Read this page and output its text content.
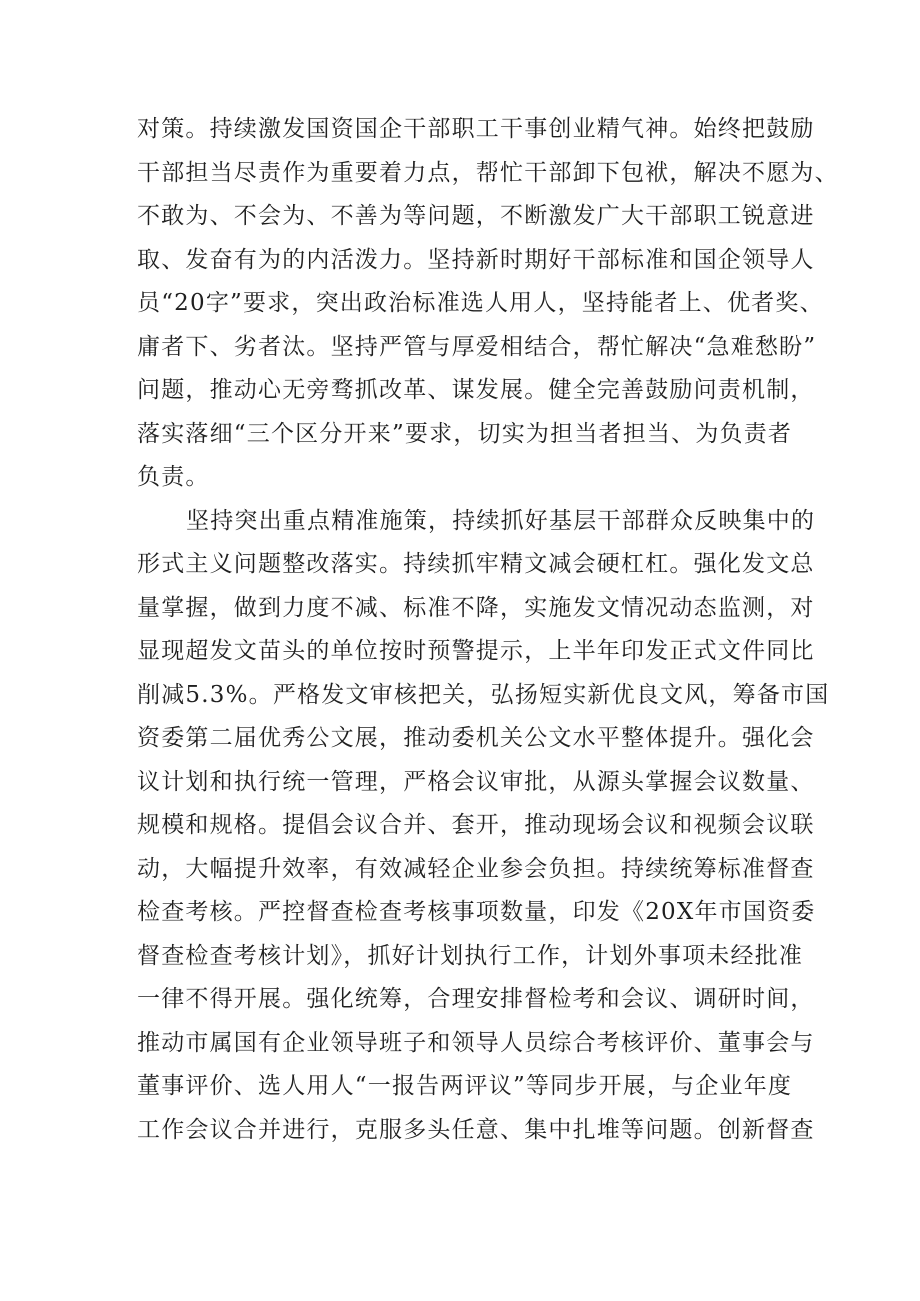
对策。持续激发国资国企干部职工干事创业精气神。始终把鼓励
干部担当尽责作为重要着力点，帮忙干部卸下包袱，解决不愿为、
不敢为、不会为、不善为等问题，不断激发广大干部职工锐意进
取、发奋有为的内活泼力。坚持新时期好干部标准和国企领导人
员“20字”要求，突出政治标准选人用人，坚持能者上、优者奖、
庸者下、劣者汰。坚持严管与厚爱相结合，帮忙解决“急难愁盼”
问题，推动心无旁骛抓改革、谋发展。健全完善鼓励问责机制，
落实落细“三个区分开来”要求，切实为担当者担当、为负责者
负责。
坚持突出重点精准施策，持续抓好基层干部群众反映集中的
形式主义问题整改落实。持续抓牢精文减会硬杠杠。强化发文总
量掌握，做到力度不减、标准不降，实施发文情况动态监测，对
显现超发文苗头的单位按时预警提示，上半年印发正式文件同比
削减5.3%。严格发文审核把关，弘扬短实新优良文风，筹备市国
资委第二届优秀公文展，推动委机关公文水平整体提升。强化会
议计划和执行统一管理，严格会议审批，从源头掌握会议数量、
规模和规格。提倡会议合并、套开，推动现场会议和视频会议联
动，大幅提升效率，有效减轻企业参会负担。持续统筹标准督查
检查考核。严控督查检查考核事项数量，印发《20X年市国资委
督查检查考核计划》，抓好计划执行工作，计划外事项未经批准
一律不得开展。强化统筹，合理安排督检考和会议、调研时间，
推动市属国有企业领导班子和领导人员综合考核评价、董事会与
董事评价、选人用人“一报告两评议”等同步开展，与企业年度
工作会议合并进行，克服多头任意、集中扎堆等问题。创新督查
